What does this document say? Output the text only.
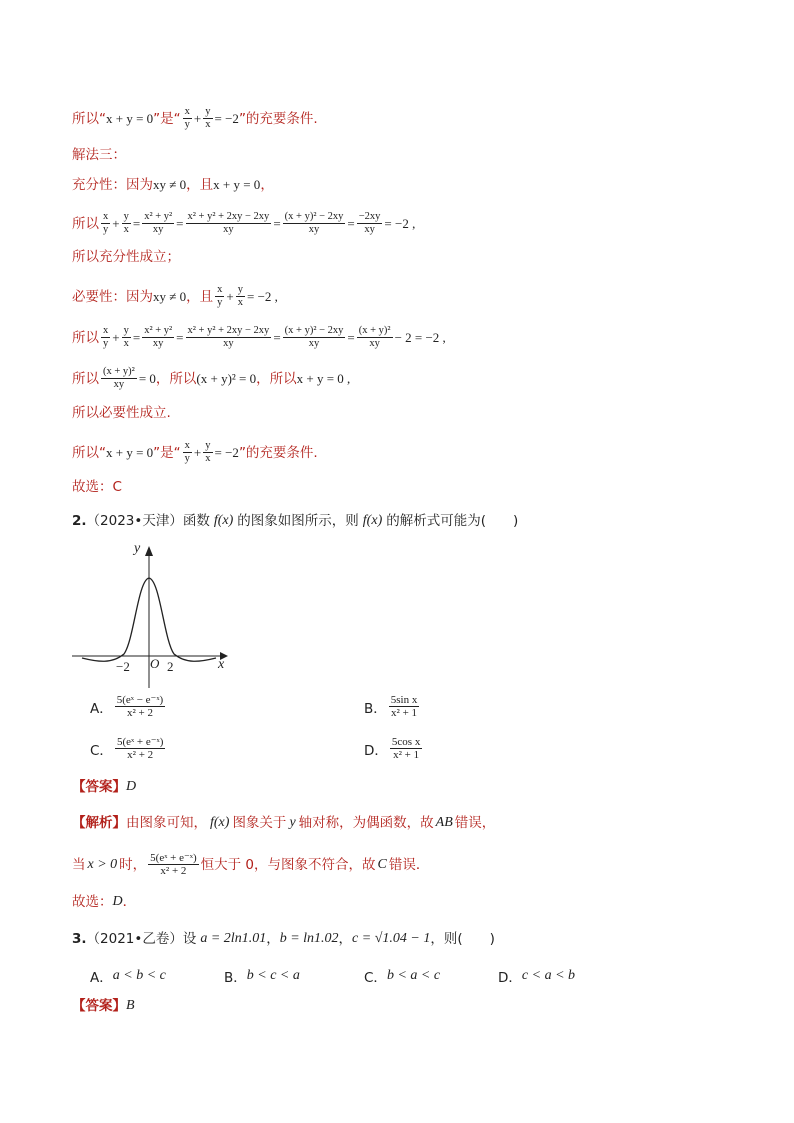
所以“ x + y = 0 ”是“ $\frac{x}{y} + \frac{y}{x} = -2$ ”的充要条件.
解法三：
充分性：因为 xy ≠ 0 ，且 x + y = 0 ，
所以 $\frac{x}{y} + \frac{y}{x} = \frac{\text{x² + y²}}{xy} = \frac{\text{x² + y² + 2xy − 2xy}}{xy} = \frac{\text{(x + y)² − 2xy}}{xy} = \frac{-2xy}{xy} = -2$ ,
所以充分性成立；
必要性：因为 xy ≠ 0 ，且 $\frac{x}{y} + \frac{y}{x} = -2$ ,
所以 $\frac{x}{y} + \frac{y}{x} = \frac{\text{x² + y²}}{xy} = \frac{\text{x² + y² + 2xy − 2xy}}{xy} = \frac{\text{(x + y)² − 2xy}}{xy} = \frac{\text{(x + y)²}}{xy} - 2 = -2$ ,
所以 $\frac{\text{(x + y)²}}{xy} = 0$ ，所以 (x + y)² = 0 ，所以 x + y = 0 ,
所以必要性成立.
所以“ x + y = 0 ”是“ $\frac{x}{y} + \frac{y}{x} = -2$ ”的充要条件.
故选：C
2. （2023•天津）函数 f(x) 的图象如图所示，则 f(x) 的解析式可能为(　　)
y
x
O
−2	2
A． $\frac{\text{5(eˣ − e⁻ˣ)}}{\text{x² + 2}}$	B． $\frac{\text{5sin x}}{\text{x² + 1}}$
C． $\frac{\text{5(eˣ + e⁻ˣ)}}{\text{x² + 2}}$	D． $\frac{\text{5cos x}}{\text{x² + 1}}$
【答案】 D
【解析】 由图象可知， f(x) 图象关于 y 轴对称，为偶函数，故 AB 错误，
当 x > 0 时， $\frac{\text{5(eˣ + e⁻ˣ)}}{\text{x² + 2}}$ 恒大于 0，与图象不符合，故 C 错误．
故选： D ．
3. （2021•乙卷）设 a = 2ln1.01 ， b = ln1.02 ， c = √1.04 − 1 ，则(　　)
A． a < b < c	B． b < c < a	C． b < a < c	D． c < a < b
【答案】 B
